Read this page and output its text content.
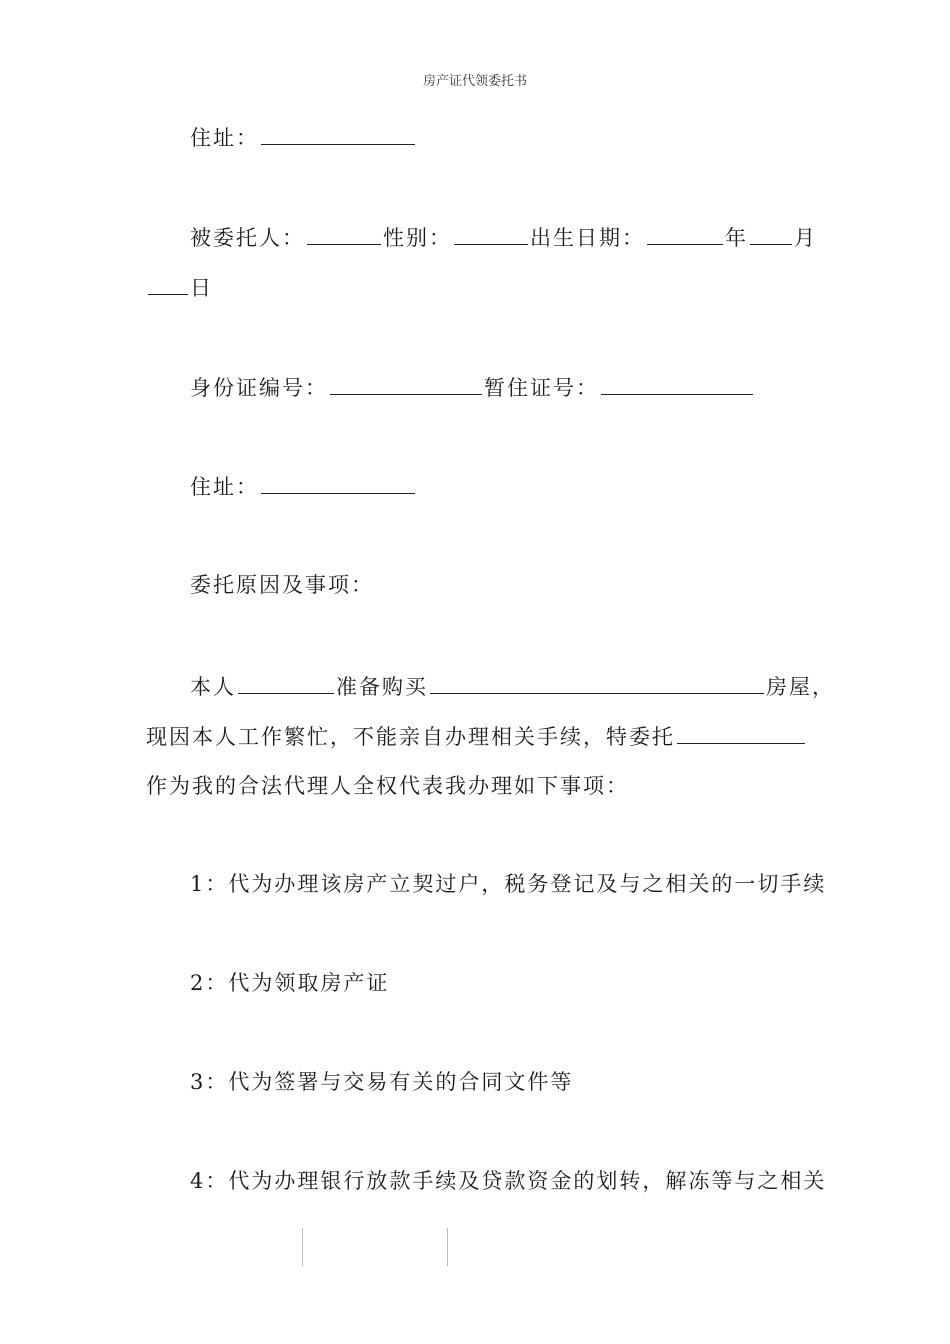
房产证代领委托书
住址：
被委托人：	性别：	出生日期：	年 月
日
身份证编号：	暂住证号：
住址：
委托原因及事项：
本人	准备购买	房屋，
现因本人工作繁忙，不能亲自办理相关手续，特委托
作为我的合法代理人全权代表我办理如下事项：
1：代为办理该房产立契过户，税务登记及与之相关的一切手续
2：代为领取房产证
3：代为签署与交易有关的合同文件等
4：代为办理银行放款手续及贷款资金的划转，解冻等与之相关
